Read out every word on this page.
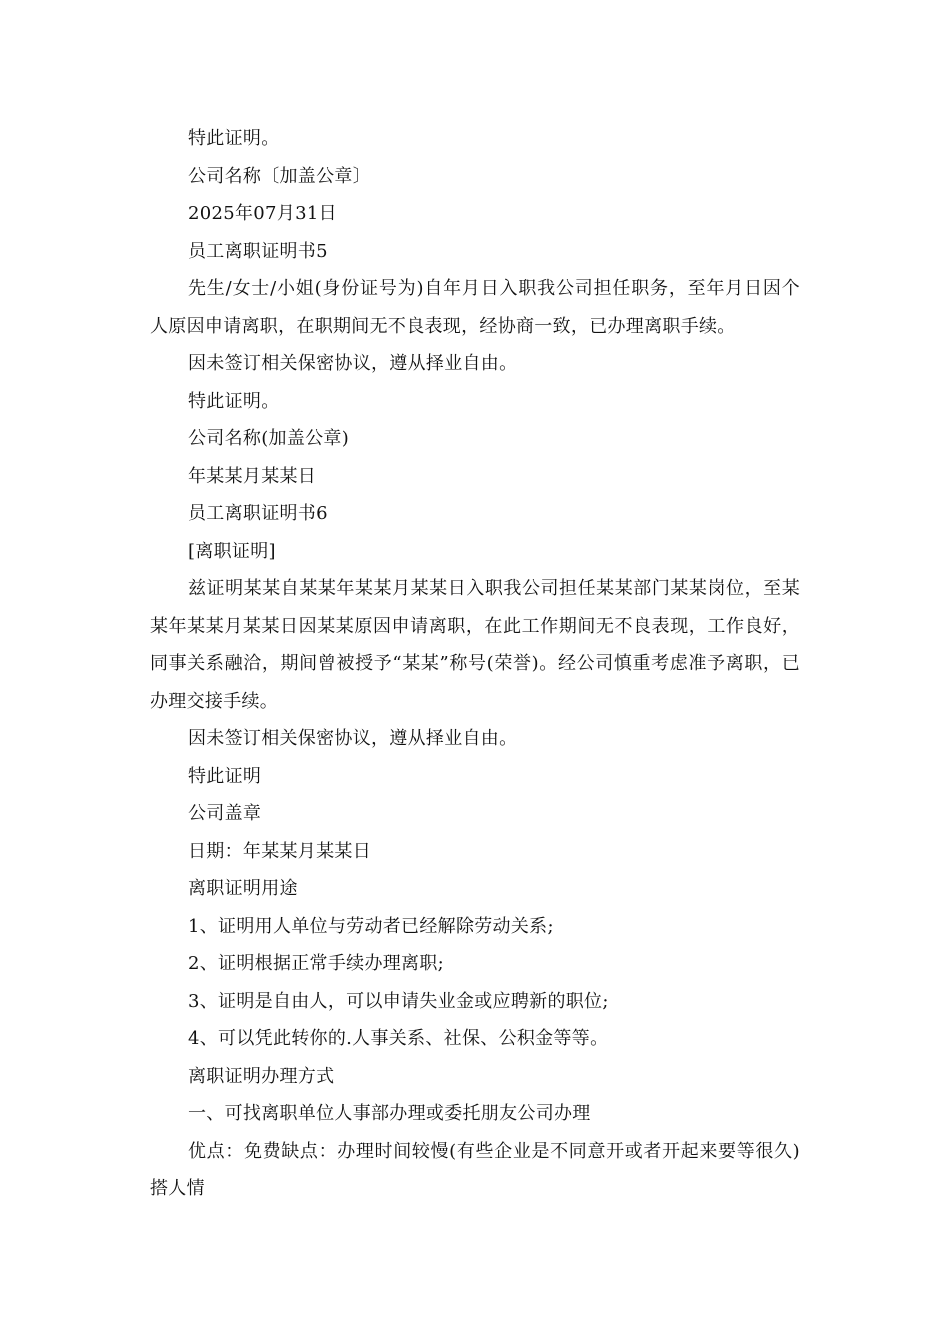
特此证明。

公司名称〔加盖公章〕

2025年07月31日

员工离职证明书5

先生/女士/小姐(身份证号为)自年月日入职我公司担任职务，至年月日因个人原因申请离职，在职期间无不良表现，经协商一致，已办理离职手续。

因未签订相关保密协议，遵从择业自由。

特此证明。

公司名称(加盖公章)

年某某月某某日

员工离职证明书6

[离职证明]

兹证明某某自某某年某某月某某日入职我公司担任某某部门某某岗位，至某某年某某月某某日因某某原因申请离职，在此工作期间无不良表现，工作良好，同事关系融洽，期间曾被授予“某某”称号(荣誉)。经公司慎重考虑准予离职，已办理交接手续。

因未签订相关保密协议，遵从择业自由。

特此证明

公司盖章

日期：年某某月某某日

离职证明用途

1、证明用人单位与劳动者已经解除劳动关系;

2、证明根据正常手续办理离职;

3、证明是自由人，可以申请失业金或应聘新的职位;

4、可以凭此转你的.人事关系、社保、公积金等等。

离职证明办理方式

一、可找离职单位人事部办理或委托朋友公司办理

优点：免费缺点：办理时间较慢(有些企业是不同意开或者开起来要等很久)搭人情
